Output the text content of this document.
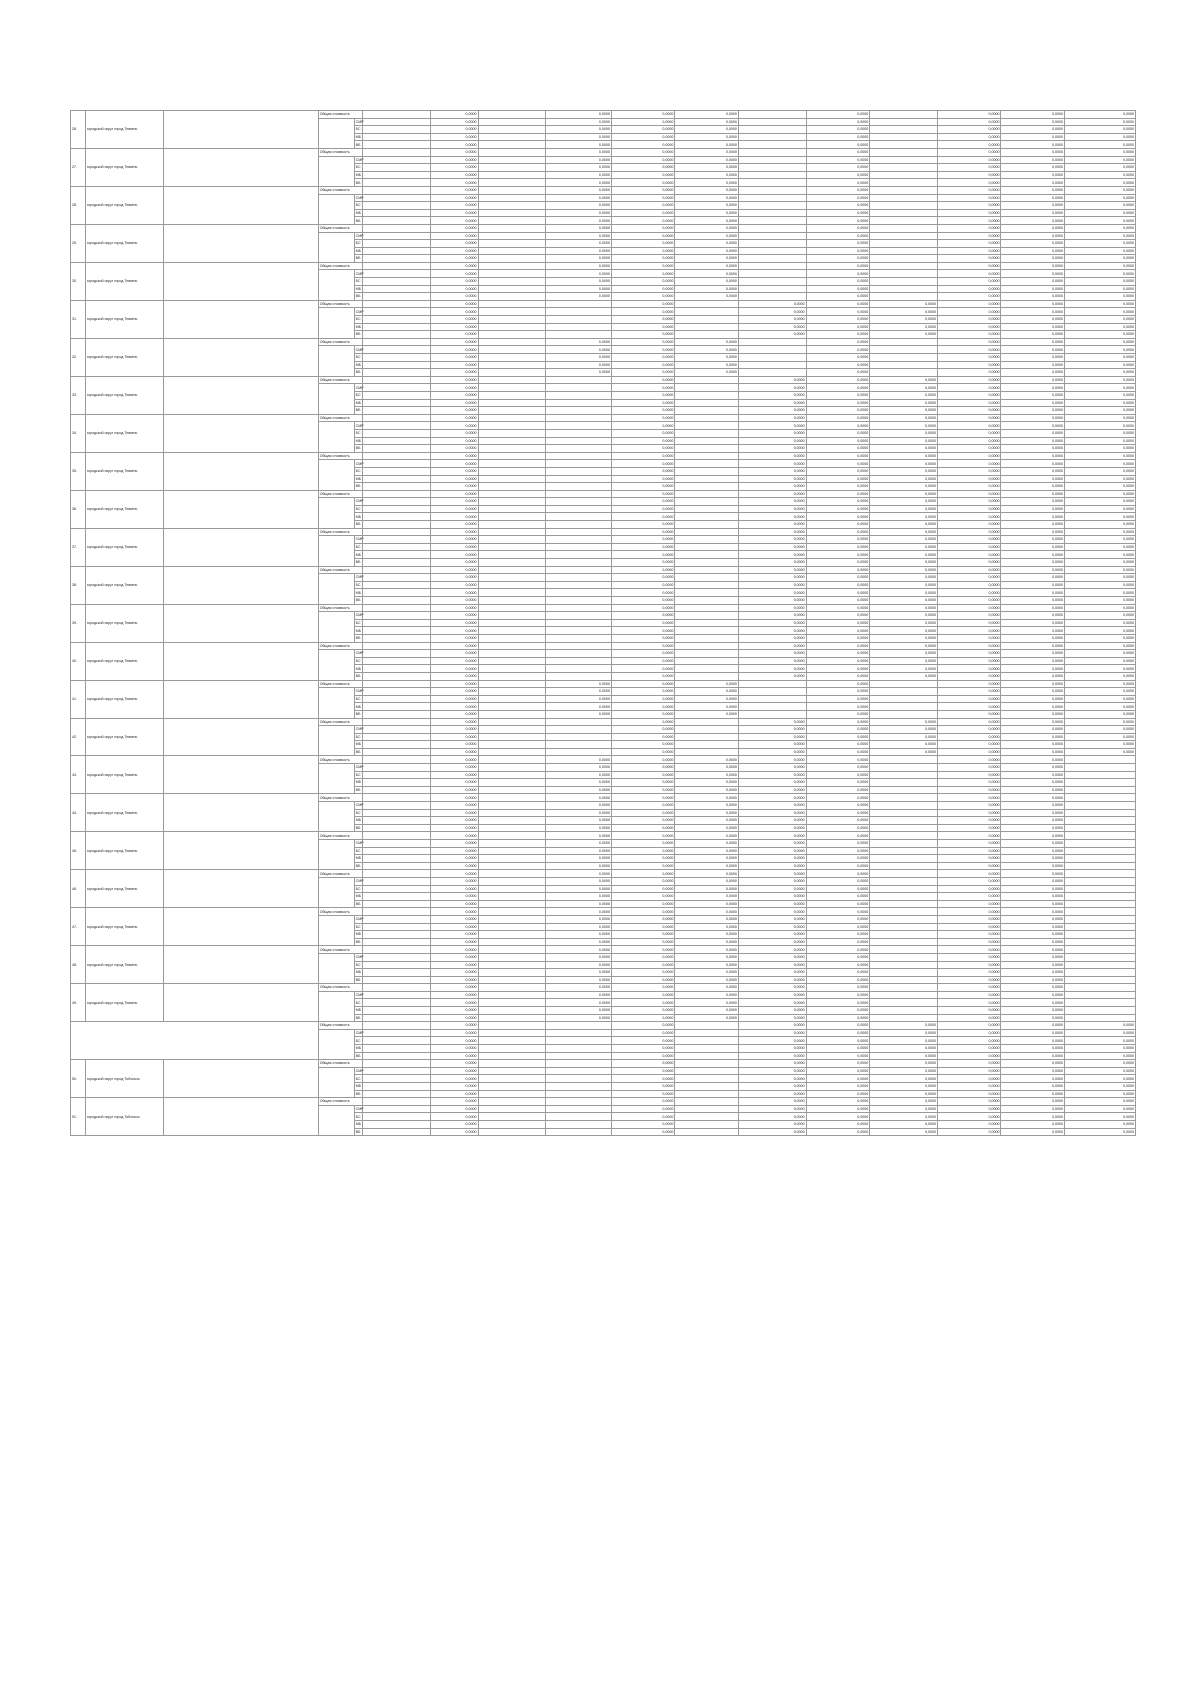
26.	городской округ город Тюмень		Общая стоимость			0,0000		0,0000	0,0000	0,0000		0,0000		0,0000	0,0000	0,0000
				СМР		0,0000		0,0000	0,0000	0,0000		0,0000		0,0000	0,0000	0,0000
				БС		0,0000		0,0000	0,0000	0,0000		0,0000		0,0000	0,0000	0,0000
				МБ		0,0000		0,0000	0,0000	0,0000		0,0000		0,0000	0,0000	0,0000
				ВБ		0,0000		0,0000	0,0000	0,0000		0,0000		0,0000	0,0000	0,0000
27.	городской округ город Тюмень		Общая стоимость			0,0000		0,0000	0,0000	0,0000		0,0000		0,0000	0,0000	0,0000
				СМР		0,0000		0,0000	0,0000	0,0000		0,0000		0,0000	0,0000	0,0000
				БС		0,0000		0,0000	0,0000	0,0000		0,0000		0,0000	0,0000	0,0000
				МБ		0,0000		0,0000	0,0000	0,0000		0,0000		0,0000	0,0000	0,0000
				ВБ		0,0000		0,0000	0,0000	0,0000		0,0000		0,0000	0,0000	0,0000
28.	городской округ город Тюмень		Общая стоимость			0,0000		0,0000	0,0000	0,0000		0,0000		0,0000	0,0000	0,0000
				СМР		0,0000		0,0000	0,0000	0,0000		0,0000		0,0000	0,0000	0,0000
				БС		0,0000		0,0000	0,0000	0,0000		0,0000		0,0000	0,0000	0,0000
				МБ		0,0000		0,0000	0,0000	0,0000		0,0000		0,0000	0,0000	0,0000
				ВБ		0,0000		0,0000	0,0000	0,0000		0,0000		0,0000	0,0000	0,0000
29.	городской округ город Тюмень		Общая стоимость			0,0000		0,0000	0,0000	0,0000		0,0000		0,0000	0,0000	0,0000
				СМР		0,0000		0,0000	0,0000	0,0000		0,0000		0,0000	0,0000	0,0000
				БС		0,0000		0,0000	0,0000	0,0000		0,0000		0,0000	0,0000	0,0000
				МБ		0,0000		0,0000	0,0000	0,0000		0,0000		0,0000	0,0000	0,0000
				ВБ		0,0000		0,0000	0,0000	0,0000		0,0000		0,0000	0,0000	0,0000
30.	городской округ город Тюмень		Общая стоимость			0,0000		0,0000	0,0000	0,0000		0,0000		0,0000	0,0000	0,0000
				СМР		0,0000		0,0000	0,0000	0,0000		0,0000		0,0000	0,0000	0,0000
				БС		0,0000		0,0000	0,0000	0,0000		0,0000		0,0000	0,0000	0,0000
				МБ		0,0000		0,0000	0,0000	0,0000		0,0000		0,0000	0,0000	0,0000
				ВБ		0,0000		0,0000	0,0000	0,0000		0,0000		0,0000	0,0000	0,0000
31.	городской округ город Тюмень		Общая стоимость			0,0000			0,0000		0,0000	0,0000	0,0000	0,0000	0,0000	0,0000
				СМР		0,0000			0,0000		0,0000	0,0000	0,0000	0,0000	0,0000	0,0000
				БС		0,0000			0,0000		0,0000	0,0000	0,0000	0,0000	0,0000	0,0000
				МБ		0,0000			0,0000		0,0000	0,0000	0,0000	0,0000	0,0000	0,0000
				ВБ		0,0000			0,0000		0,0000	0,0000	0,0000	0,0000	0,0000	0,0000
32.	городской округ город Тюмень		Общая стоимость			0,0000		0,0000	0,0000	0,0000		0,0000		0,0000	0,0000	0,0000
				СМР		0,0000		0,0000	0,0000	0,0000		0,0000		0,0000	0,0000	0,0000
				БС		0,0000		0,0000	0,0000	0,0000		0,0000		0,0000	0,0000	0,0000
				МБ		0,0000		0,0000	0,0000	0,0000		0,0000		0,0000	0,0000	0,0000
				ВБ		0,0000		0,0000	0,0000	0,0000		0,0000		0,0000	0,0000	0,0000
33.	городской округ город Тюмень		Общая стоимость			0,0000			0,0000		0,0000	0,0000	0,0000	0,0000	0,0000	0,0000
				СМР		0,0000			0,0000		0,0000	0,0000	0,0000	0,0000	0,0000	0,0000
				БС		0,0000			0,0000		0,0000	0,0000	0,0000	0,0000	0,0000	0,0000
				МБ		0,0000			0,0000		0,0000	0,0000	0,0000	0,0000	0,0000	0,0000
				ВБ		0,0000			0,0000		0,0000	0,0000	0,0000	0,0000	0,0000	0,0000
34.	городской округ город Тюмень		Общая стоимость			0,0000			0,0000		0,0000	0,0000	0,0000	0,0000	0,0000	0,0000
				СМР		0,0000			0,0000		0,0000	0,0000	0,0000	0,0000	0,0000	0,0000
				БС		0,0000			0,0000		0,0000	0,0000	0,0000	0,0000	0,0000	0,0000
				МБ		0,0000			0,0000		0,0000	0,0000	0,0000	0,0000	0,0000	0,0000
				ВБ		0,0000			0,0000		0,0000	0,0000	0,0000	0,0000	0,0000	0,0000
35.	городской округ город Тюмень		Общая стоимость			0,0000			0,0000		0,0000	0,0000	0,0000	0,0000	0,0000	0,0000
				СМР		0,0000			0,0000		0,0000	0,0000	0,0000	0,0000	0,0000	0,0000
				БС		0,0000			0,0000		0,0000	0,0000	0,0000	0,0000	0,0000	0,0000
				МБ		0,0000			0,0000		0,0000	0,0000	0,0000	0,0000	0,0000	0,0000
				ВБ		0,0000			0,0000		0,0000	0,0000	0,0000	0,0000	0,0000	0,0000
36.	городской округ город Тюмень		Общая стоимость			0,0000			0,0000		0,0000	0,0000	0,0000	0,0000	0,0000	0,0000
				СМР		0,0000			0,0000		0,0000	0,0000	0,0000	0,0000	0,0000	0,0000
				БС		0,0000			0,0000		0,0000	0,0000	0,0000	0,0000	0,0000	0,0000
				МБ		0,0000			0,0000		0,0000	0,0000	0,0000	0,0000	0,0000	0,0000
				ВБ		0,0000			0,0000		0,0000	0,0000	0,0000	0,0000	0,0000	0,0000
37.	городской округ город Тюмень		Общая стоимость			0,0000			0,0000		0,0000	0,0000	0,0000	0,0000	0,0000	0,0000
				СМР		0,0000			0,0000		0,0000	0,0000	0,0000	0,0000	0,0000	0,0000
				БС		0,0000			0,0000		0,0000	0,0000	0,0000	0,0000	0,0000	0,0000
				МБ		0,0000			0,0000		0,0000	0,0000	0,0000	0,0000	0,0000	0,0000
				ВБ		0,0000			0,0000		0,0000	0,0000	0,0000	0,0000	0,0000	0,0000
38.	городской округ город Тюмень		Общая стоимость			0,0000			0,0000		0,0000	0,0000	0,0000	0,0000	0,0000	0,0000
				СМР		0,0000			0,0000		0,0000	0,0000	0,0000	0,0000	0,0000	0,0000
				БС		0,0000			0,0000		0,0000	0,0000	0,0000	0,0000	0,0000	0,0000
				МБ		0,0000			0,0000		0,0000	0,0000	0,0000	0,0000	0,0000	0,0000
				ВБ		0,0000			0,0000		0,0000	0,0000	0,0000	0,0000	0,0000	0,0000
39.	городской округ город Тюмень		Общая стоимость			0,0000			0,0000		0,0000	0,0000	0,0000	0,0000	0,0000	0,0000
				СМР		0,0000			0,0000		0,0000	0,0000	0,0000	0,0000	0,0000	0,0000
				БС		0,0000			0,0000		0,0000	0,0000	0,0000	0,0000	0,0000	0,0000
				МБ		0,0000			0,0000		0,0000	0,0000	0,0000	0,0000	0,0000	0,0000
				ВБ		0,0000			0,0000		0,0000	0,0000	0,0000	0,0000	0,0000	0,0000
40.	городской округ город Тюмень		Общая стоимость			0,0000			0,0000		0,0000	0,0000	0,0000	0,0000	0,0000	0,0000
				СМР		0,0000			0,0000		0,0000	0,0000	0,0000	0,0000	0,0000	0,0000
				БС		0,0000			0,0000		0,0000	0,0000	0,0000	0,0000	0,0000	0,0000
				МБ		0,0000			0,0000		0,0000	0,0000	0,0000	0,0000	0,0000	0,0000
				ВБ		0,0000			0,0000		0,0000	0,0000	0,0000	0,0000	0,0000	0,0000
41.	городской округ город Тюмень		Общая стоимость			0,0000		0,0000	0,0000	0,0000		0,0000		0,0000	0,0000	0,0000
				СМР		0,0000		0,0000	0,0000	0,0000		0,0000		0,0000	0,0000	0,0000
				БС		0,0000		0,0000	0,0000	0,0000		0,0000		0,0000	0,0000	0,0000
				МБ		0,0000		0,0000	0,0000	0,0000		0,0000		0,0000	0,0000	0,0000
				ВБ		0,0000		0,0000	0,0000	0,0000		0,0000		0,0000	0,0000	0,0000
42.	городской округ город Тюмень		Общая стоимость			0,0000			0,0000		0,0000	0,0000	0,0000	0,0000	0,0000	0,0000
				СМР		0,0000			0,0000		0,0000	0,0000	0,0000	0,0000	0,0000	0,0000
				БС		0,0000			0,0000		0,0000	0,0000	0,0000	0,0000	0,0000	0,0000
				МБ		0,0000			0,0000		0,0000	0,0000	0,0000	0,0000	0,0000	0,0000
				ВБ		0,0000			0,0000		0,0000	0,0000	0,0000	0,0000	0,0000	0,0000
43.	городской округ город Тюмень		Общая стоимость			0,0000		0,0000	0,0000	0,0000	0,0000	0,0000		0,0000	0,0000	
				СМР		0,0000		0,0000	0,0000	0,0000	0,0000	0,0000		0,0000	0,0000	
				БС		0,0000		0,0000	0,0000	0,0000	0,0000	0,0000		0,0000	0,0000	
				МБ		0,0000		0,0000	0,0000	0,0000	0,0000	0,0000		0,0000	0,0000	
				ВБ		0,0000		0,0000	0,0000	0,0000	0,0000	0,0000		0,0000	0,0000	
44.	городской округ город Тюмень		Общая стоимость			0,0000		0,0000	0,0000	0,0000	0,0000	0,0000		0,0000	0,0000	
				СМР		0,0000		0,0000	0,0000	0,0000	0,0000	0,0000		0,0000	0,0000	
				БС		0,0000		0,0000	0,0000	0,0000	0,0000	0,0000		0,0000	0,0000	
				МБ		0,0000		0,0000	0,0000	0,0000	0,0000	0,0000		0,0000	0,0000	
				ВБ		0,0000		0,0000	0,0000	0,0000	0,0000	0,0000		0,0000	0,0000	
45.	городской округ город Тюмень		Общая стоимость			0,0000		0,0000	0,0000	0,0000	0,0000	0,0000		0,0000	0,0000	
				СМР		0,0000		0,0000	0,0000	0,0000	0,0000	0,0000		0,0000	0,0000	
				БС		0,0000		0,0000	0,0000	0,0000	0,0000	0,0000		0,0000	0,0000	
				МБ		0,0000		0,0000	0,0000	0,0000	0,0000	0,0000		0,0000	0,0000	
				ВБ		0,0000		0,0000	0,0000	0,0000	0,0000	0,0000		0,0000	0,0000	
46.	городской округ город Тюмень		Общая стоимость			0,0000		0,0000	0,0000	0,0000	0,0000	0,0000		0,0000	0,0000	
				СМР		0,0000		0,0000	0,0000	0,0000	0,0000	0,0000		0,0000	0,0000	
				БС		0,0000		0,0000	0,0000	0,0000	0,0000	0,0000		0,0000	0,0000	
				МБ		0,0000		0,0000	0,0000	0,0000	0,0000	0,0000		0,0000	0,0000	
				ВБ		0,0000		0,0000	0,0000	0,0000	0,0000	0,0000		0,0000	0,0000	
47.	городской округ город Тюмень		Общая стоимость			0,0000		0,0000	0,0000	0,0000	0,0000	0,0000		0,0000	0,0000	
				СМР		0,0000		0,0000	0,0000	0,0000	0,0000	0,0000		0,0000	0,0000	
				БС		0,0000		0,0000	0,0000	0,0000	0,0000	0,0000		0,0000	0,0000	
				МБ		0,0000		0,0000	0,0000	0,0000	0,0000	0,0000		0,0000	0,0000	
				ВБ		0,0000		0,0000	0,0000	0,0000	0,0000	0,0000		0,0000	0,0000	
48.	городской округ город Тюмень		Общая стоимость			0,0000		0,0000	0,0000	0,0000	0,0000	0,0000		0,0000	0,0000	
				СМР		0,0000		0,0000	0,0000	0,0000	0,0000	0,0000		0,0000	0,0000	
				БС		0,0000		0,0000	0,0000	0,0000	0,0000	0,0000		0,0000	0,0000	
				МБ		0,0000		0,0000	0,0000	0,0000	0,0000	0,0000		0,0000	0,0000	
				ВБ		0,0000		0,0000	0,0000	0,0000	0,0000	0,0000		0,0000	0,0000	
49.	городской округ город Тюмень		Общая стоимость			0,0000		0,0000	0,0000	0,0000	0,0000	0,0000		0,0000	0,0000	
				СМР		0,0000		0,0000	0,0000	0,0000	0,0000	0,0000		0,0000	0,0000	
				БС		0,0000		0,0000	0,0000	0,0000	0,0000	0,0000		0,0000	0,0000	
				МБ		0,0000		0,0000	0,0000	0,0000	0,0000	0,0000		0,0000	0,0000	
				ВБ		0,0000		0,0000	0,0000	0,0000	0,0000	0,0000		0,0000	0,0000	
			Общая стоимость			0,0000			0,0000		0,0000	0,0000	0,0000	0,0000	0,0000	0,0000
				СМР		0,0000			0,0000		0,0000	0,0000	0,0000	0,0000	0,0000	0,0000
				БС		0,0000			0,0000		0,0000	0,0000	0,0000	0,0000	0,0000	0,0000
				МБ		0,0000			0,0000		0,0000	0,0000	0,0000	0,0000	0,0000	0,0000
				ВБ		0,0000			0,0000		0,0000	0,0000	0,0000	0,0000	0,0000	0,0000
50.	городской округ город Тобольск		Общая стоимость			0,0000			0,0000		0,0000	0,0000	0,0000	0,0000	0,0000	0,0000
				СМР		0,0000			0,0000		0,0000	0,0000	0,0000	0,0000	0,0000	0,0000
				БС		0,0000			0,0000		0,0000	0,0000	0,0000	0,0000	0,0000	0,0000
				МБ		0,0000			0,0000		0,0000	0,0000	0,0000	0,0000	0,0000	0,0000
				ВБ		0,0000			0,0000		0,0000	0,0000	0,0000	0,0000	0,0000	0,0000
51.	городской округ город Тобольск		Общая стоимость			0,0000			0,0000		0,0000	0,0000	0,0000	0,0000	0,0000	0,0000
				СМР		0,0000			0,0000		0,0000	0,0000	0,0000	0,0000	0,0000	0,0000
				БС		0,0000			0,0000		0,0000	0,0000	0,0000	0,0000	0,0000	0,0000
				МБ		0,0000			0,0000		0,0000	0,0000	0,0000	0,0000	0,0000	0,0000
				ВБ		0,0000			0,0000		0,0000	0,0000	0,0000	0,0000	0,0000	0,0000
